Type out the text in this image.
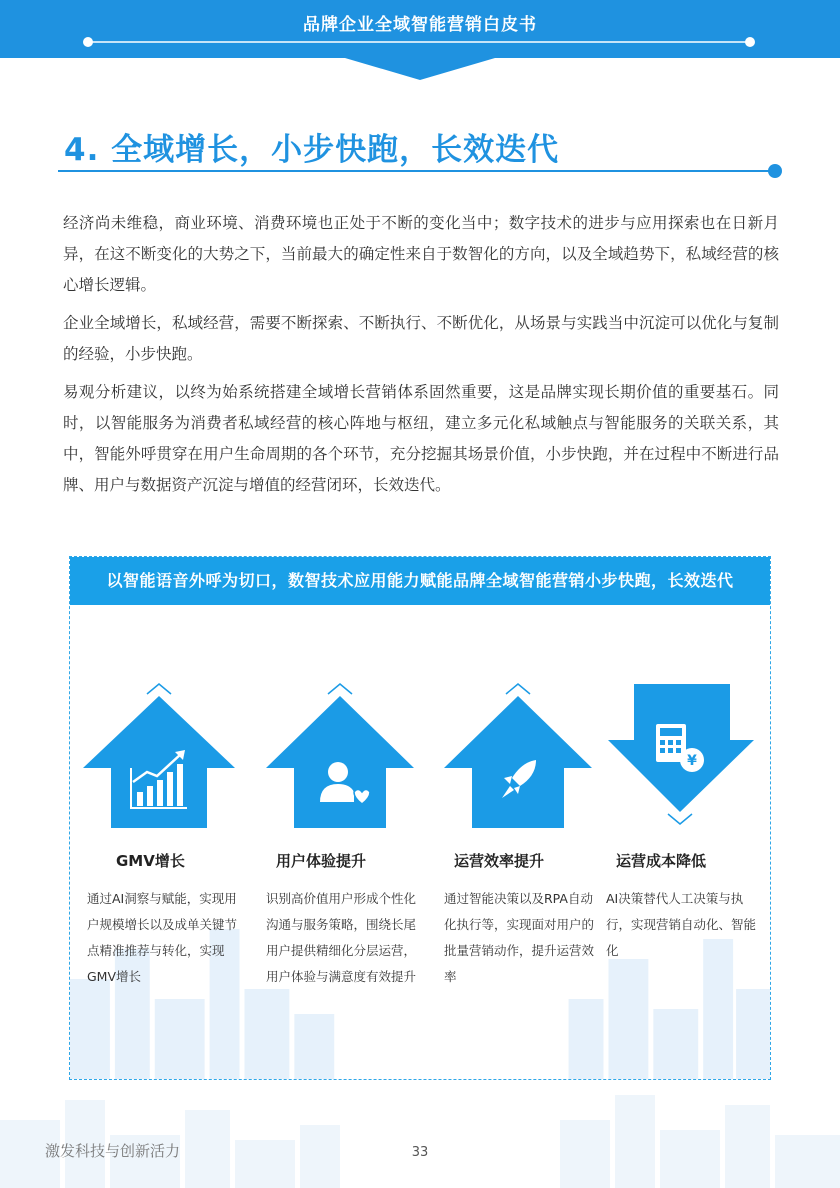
品牌企业全域智能营销白皮书
4. 全域增长，小步快跑，长效迭代

经济尚未维稳，商业环境、消费环境也正处于不断的变化当中；数字技术的进步与应用探索也在日新月异，在这不断变化的大势之下，当前最大的确定性来自于数智化的方向，以及全域趋势下，私域经营的核心增长逻辑。

企业全域增长，私域经营，需要不断探索、不断执行、不断优化，从场景与实践当中沉淀可以优化与复制的经验，小步快跑。

易观分析建议，以终为始系统搭建全域增长营销体系固然重要，这是品牌实现长期价值的重要基石。同时，以智能服务为消费者私域经营的核心阵地与枢纽，建立多元化私域触点与智能服务的关联关系，其中，智能外呼贯穿在用户生命周期的各个环节，充分挖掘其场景价值，小步快跑，并在过程中不断进行品牌、用户与数据资产沉淀与增值的经营闭环，长效迭代。

以智能语音外呼为切口，数智技术应用能力赋能品牌全域智能营销小步快跑，长效迭代
GMV增长
通过AI洞察与赋能，实现用户规模增长以及成单关键节点精准推荐与转化，实现GMV增长
用户体验提升
识别高价值用户形成个性化沟通与服务策略，围绕长尾用户提供精细化分层运营，用户体验与满意度有效提升
运营效率提升
通过智能决策以及RPA自动化执行等，实现面对用户的批量营销动作，提升运营效率
¥
运营成本降低
AI决策替代人工决策与执行，实现营销自动化、智能化
激发科技与创新活力	33
